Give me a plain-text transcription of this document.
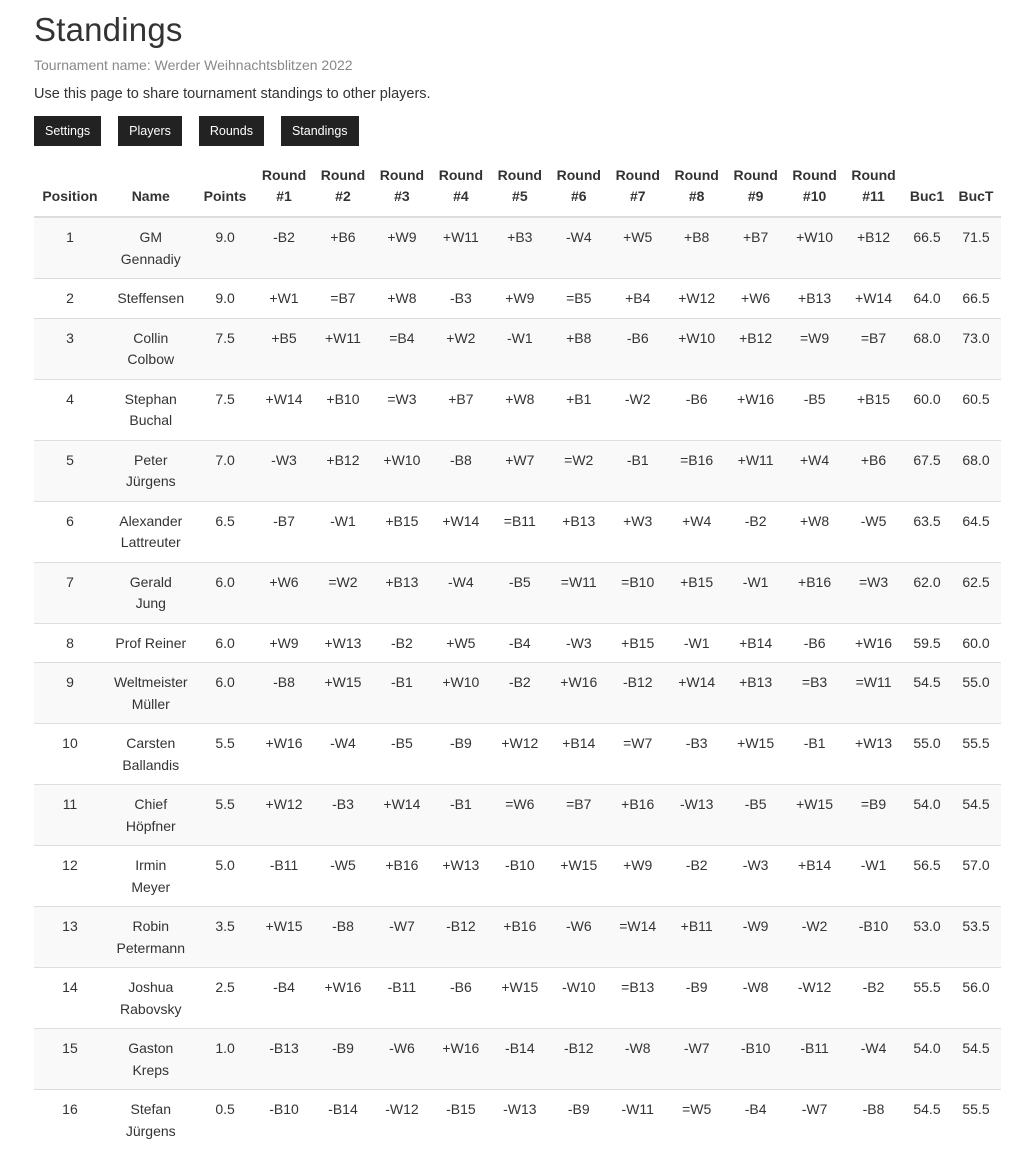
Standings
Tournament name: Werder Weihnachtsblitzen 2022
Use this page to share tournament standings to other players.
Settings	Players	Rounds	Standings
Position	Name	Points	Round #1	Round #2	Round #3	Round #4	Round #5	Round #6	Round #7	Round #8	Round #9	Round #10	Round #11	Buc1	BucT
1	GM Gennadiy	9.0	-B2	+B6	+W9	+W11	+B3	-W4	+W5	+B8	+B7	+W10	+B12	66.5	71.5
2	Steffensen	9.0	+W1	=B7	+W8	-B3	+W9	=B5	+B4	+W12	+W6	+B13	+W14	64.0	66.5
3	Collin Colbow	7.5	+B5	+W11	=B4	+W2	-W1	+B8	-B6	+W10	+B12	=W9	=B7	68.0	73.0
4	Stephan Buchal	7.5	+W14	+B10	=W3	+B7	+W8	+B1	-W2	-B6	+W16	-B5	+B15	60.0	60.5
5	Peter Jürgens	7.0	-W3	+B12	+W10	-B8	+W7	=W2	-B1	=B16	+W11	+W4	+B6	67.5	68.0
6	Alexander Lattreuter	6.5	-B7	-W1	+B15	+W14	=B11	+B13	+W3	+W4	-B2	+W8	-W5	63.5	64.5
7	Gerald Jung	6.0	+W6	=W2	+B13	-W4	-B5	=W11	=B10	+B15	-W1	+B16	=W3	62.0	62.5
8	Prof Reiner	6.0	+W9	+W13	-B2	+W5	-B4	-W3	+B15	-W1	+B14	-B6	+W16	59.5	60.0
9	Weltmeister Müller	6.0	-B8	+W15	-B1	+W10	-B2	+W16	-B12	+W14	+B13	=B3	=W11	54.5	55.0
10	Carsten Ballandis	5.5	+W16	-W4	-B5	-B9	+W12	+B14	=W7	-B3	+W15	-B1	+W13	55.0	55.5
11	Chief Höpfner	5.5	+W12	-B3	+W14	-B1	=W6	=B7	+B16	-W13	-B5	+W15	=B9	54.0	54.5
12	Irmin Meyer	5.0	-B11	-W5	+B16	+W13	-B10	+W15	+W9	-B2	-W3	+B14	-W1	56.5	57.0
13	Robin Petermann	3.5	+W15	-B8	-W7	-B12	+B16	-W6	=W14	+B11	-W9	-W2	-B10	53.0	53.5
14	Joshua Rabovsky	2.5	-B4	+W16	-B11	-B6	+W15	-W10	=B13	-B9	-W8	-W12	-B2	55.5	56.0
15	Gaston Kreps	1.0	-B13	-B9	-W6	+W16	-B14	-B12	-W8	-W7	-B10	-B11	-W4	54.0	54.5
16	Stefan Jürgens	0.5	-B10	-B14	-W12	-B15	-W13	-B9	-W11	=W5	-B4	-W7	-B8	54.5	55.5
